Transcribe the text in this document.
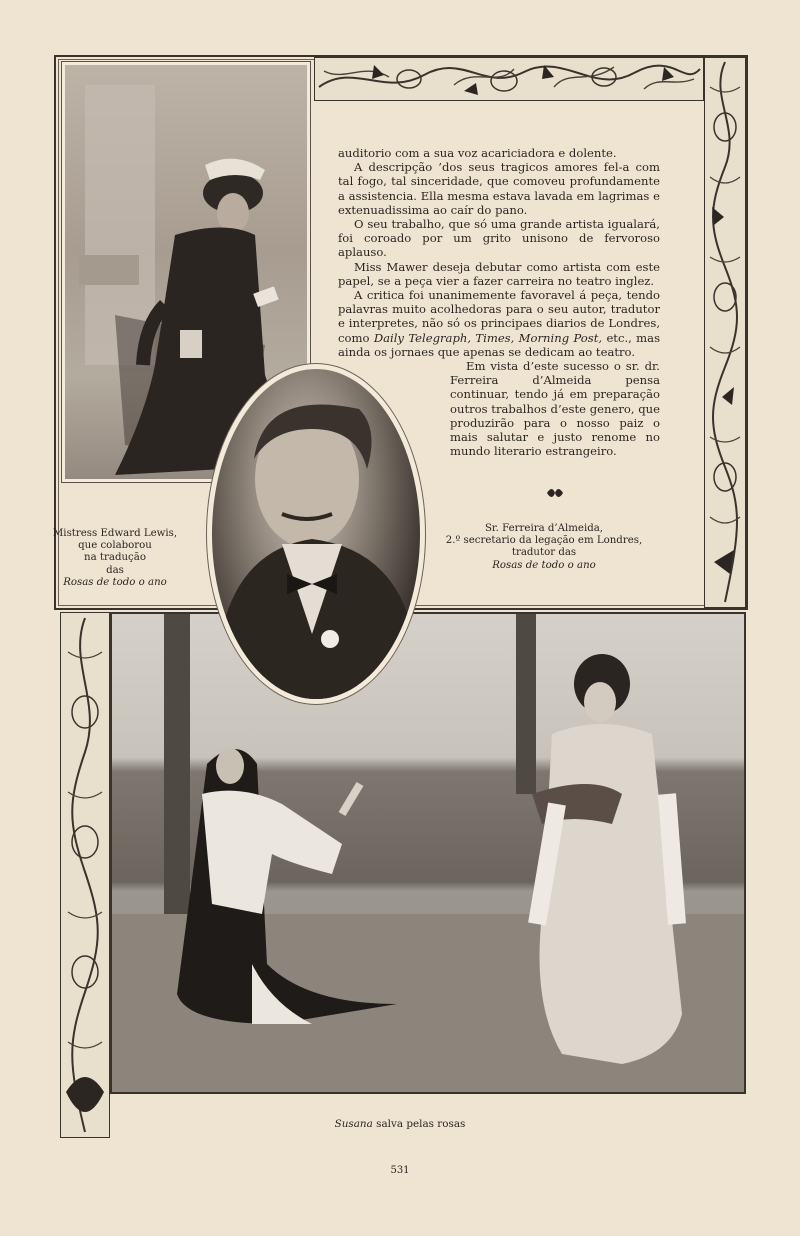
auditorio com a sua voz acariciadora e dolente.

A descripção ’dos seus tragicos amores fel-a com tal fogo, tal sinceridade, que comoveu profundamente a assistencia. Ella mesma estava lavada em lagrimas e extenuadissima ao caír do pano.

O seu trabalho, que só uma grande artista igualará, foi coroado por um grito unisono de fervoroso aplauso.

Miss Mawer deseja debutar como artista com este papel, se a peça vier a fazer carreira no teatro inglez.

A critica foi unanimemente favoravel á peça, tendo palavras muito acolhedoras para o seu autor, tradutor e interpretes, não só os principaes diarios de Londres, como Daily Telegraph, Times, Morning Post, etc., mas ainda os jornaes que apenas se dedicam ao teatro.

Em vista d’este sucesso o sr. dr. Ferreira d’Almeida pensa continuar, tendo já em preparação outros trabalhos d’este genero, que produzirão para o nosso paiz o mais salutar e justo renome no mundo literario estrangeiro.

Mistress Edward Lewis,
que colaborou
na tradução
das
Rosas de todo o ano
Sr. Ferreira d’Almeida,
2.º secretario da legação em Londres,
tradutor das
Rosas de todo o ano
Susana salva pelas rosas
531
